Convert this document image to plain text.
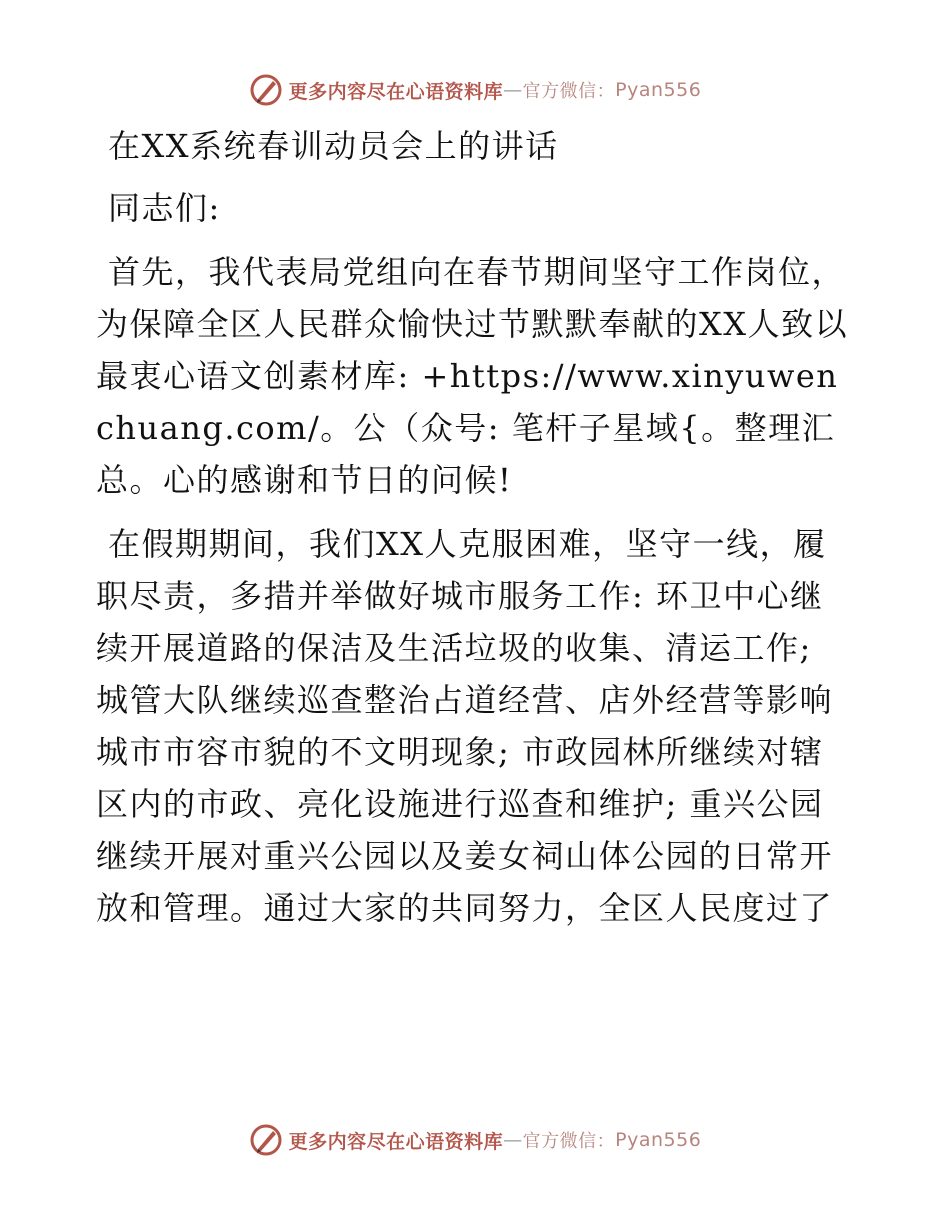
更多内容尽在心语资料库 — 官方微信： Pyan556
在XX系统春训动员会上的讲话

同志们:

首先，我代表局党组向在春节期间坚守工作岗位，为保障全区人民群众愉快过节默默奉献的XX人致以最衷心语文创素材库: +https://www.xinyuwenchuang.com/。公（众号: 笔杆子星域{。整理汇总。心的感谢和节日的问候!

在假期期间，我们XX人克服困难，坚守一线，履职尽责，多措并举做好城市服务工作: 环卫中心继续开展道路的保洁及生活垃圾的收集、清运工作; 城管大队继续巡查整治占道经营、店外经营等影响城市市容市貌的不文明现象; 市政园林所继续对辖区内的市政、亮化设施进行巡查和维护; 重兴公园继续开展对重兴公园以及姜女祠山体公园的日常开放和管理。通过大家的共同努力，全区人民度过了

更多内容尽在心语资料库 — 官方微信： Pyan556
